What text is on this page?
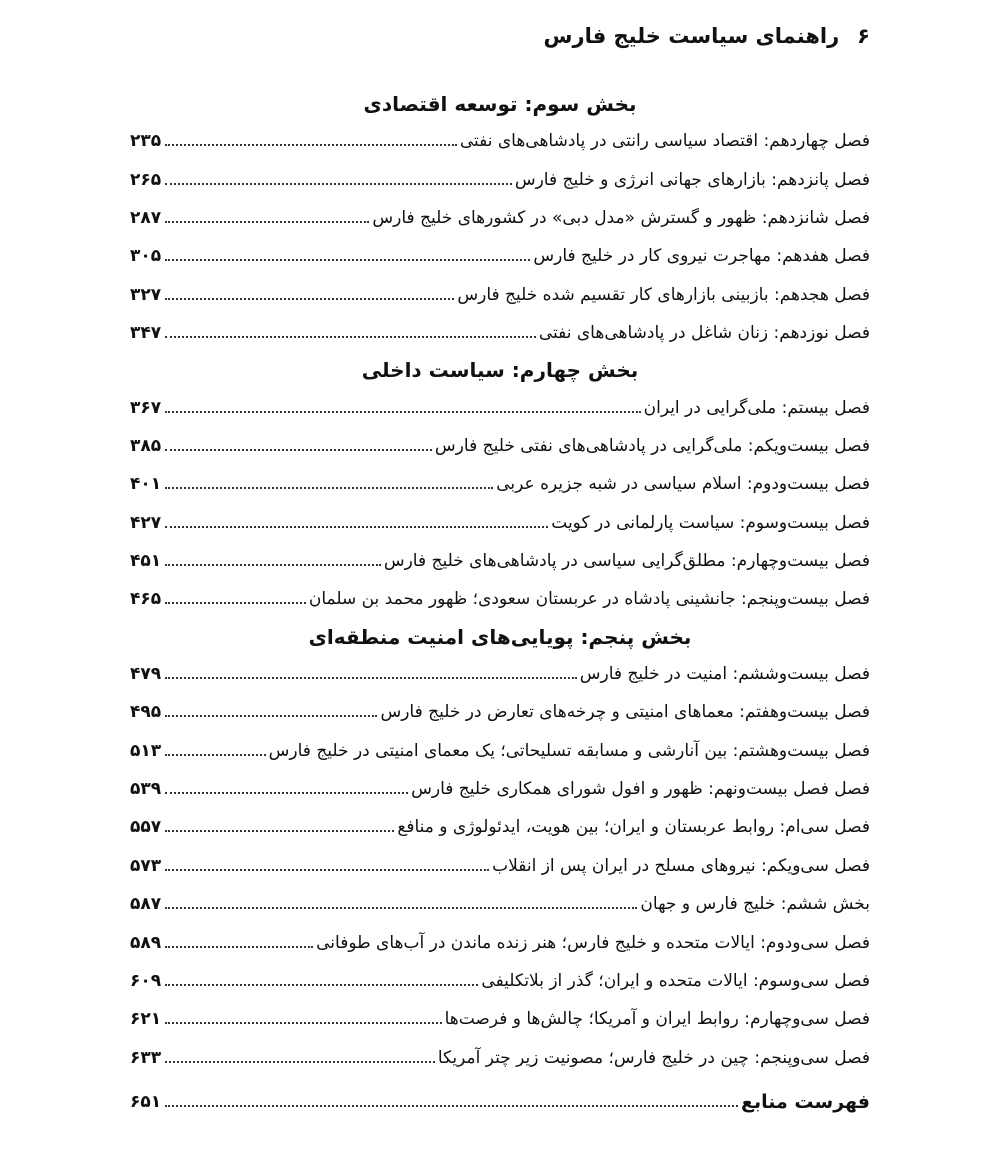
۶
راهنمای سیاست خلیج فارس
بخش سوم: توسعه اقتصادی
فصل چهاردهم: اقتصاد سیاسی رانتی در پادشاهی‌های نفتی
۲۳۵
فصل پانزدهم: بازارهای جهانی انرژی و خلیج فارس
۲۶۵
فصل شانزدهم: ظهور و گسترش «مدل دبی» در کشورهای خلیج فارس
۲۸۷
فصل هفدهم: مهاجرت نیروی کار در خلیج فارس
۳۰۵
فصل هجدهم: بازبینی بازارهای کار تقسیم شده خلیج فارس
۳۲۷
فصل نوزدهم: زنان شاغل در پادشاهی‌های نفتی
۳۴۷
بخش چهارم: سیاست داخلی
فصل بیستم: ملی‌گرایی در ایران
۳۶۷
فصل بیست‌ویکم: ملی‌گرایی در پادشاهی‌های نفتی خلیج فارس
۳۸۵
فصل بیست‌ودوم: اسلام سیاسی در شبه جزیره عربی
۴۰۱
فصل بیست‌وسوم: سیاست پارلمانی در کویت
۴۲۷
فصل بیست‌وچهارم: مطلق‌گرایی سیاسی در پادشاهی‌های خلیج فارس
۴۵۱
فصل بیست‌وپنجم: جانشینی پادشاه در عربستان سعودی؛ ظهور محمد بن سلمان
۴۶۵
بخش پنجم: پویایی‌های امنیت منطقه‌ای
فصل بیست‌وششم: امنیت در خلیج فارس
۴۷۹
فصل بیست‌وهفتم: معماهای امنیتی و چرخه‌های تعارض در خلیج فارس
۴۹۵
فصل بیست‌وهشتم: بین آنارشی و مسابقه تسلیحاتی؛ یک معمای امنیتی در خلیج فارس
۵۱۳
فصل فصل بیست‌ونهم: ظهور و افول شورای همکاری خلیج فارس
۵۳۹
فصل سی‌ام: روابط عربستان و ایران؛ بین هویت، ایدئولوژی و منافع
۵۵۷
فصل سی‌ویکم: نیروهای مسلح در ایران پس از انقلاب
۵۷۳
بخش ششم: خلیج فارس و جهان
۵۸۷
فصل سی‌ودوم: ایالات متحده و خلیج فارس؛ هنر زنده ماندن در آب‌های طوفانی
۵۸۹
فصل سی‌وسوم: ایالات متحده و ایران؛ گذر از بلاتکلیفی
۶۰۹
فصل سی‌وچهارم: روابط ایران و آمریکا؛ چالش‌ها و فرصت‌ها
۶۲۱
فصل سی‌وپنجم: چین در خلیج فارس؛ مصونیت زیر چتر آمریکا
۶۳۳
فهرست منابع
۶۵۱
